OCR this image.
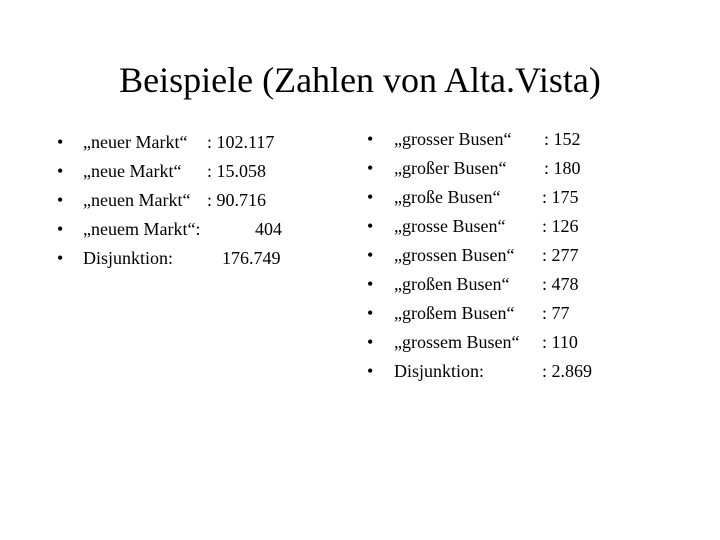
Beispiele (Zahlen von Alta.Vista)
• „neuer Markt“ : 102.117
• „neue Markt“ : 15.058
• „neuen Markt“ : 90.716
• „neuem Markt“:	404
• Disjunktion:	176.749
• „grosser Busen“ : 152
• „großer Busen“ : 180
• „große Busen“ : 175
• „grosse Busen“ : 126
• „grossen Busen“ : 277
• „großen Busen“ : 478
• „großem Busen“ : 77
• „grossem Busen“ : 110
• Disjunktion:	: 2.869
